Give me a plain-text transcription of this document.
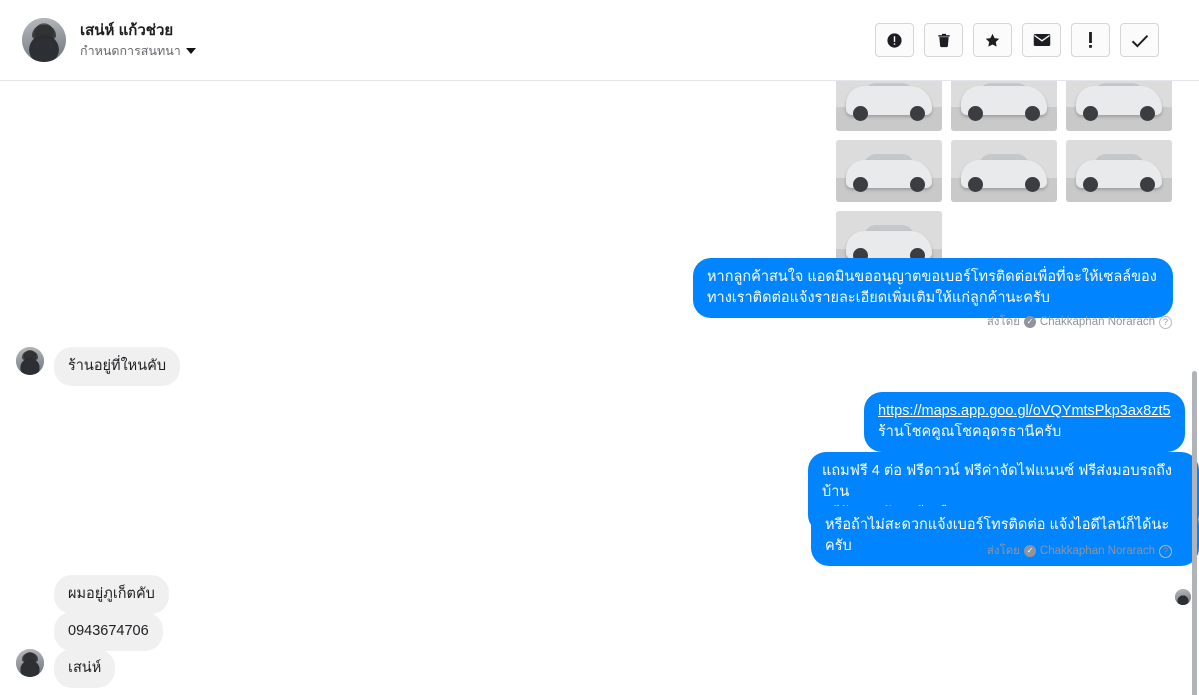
เสน่ห์ แก้วช่วย
กำหนดการสนทนา
หากลูกค้าสนใจ แอดมินขออนุญาตขอเบอร์โทรติดต่อเพื่อที่จะให้เซลล์ของทางเราติดต่อแจ้งรายละเอียดเพิ่มเติมให้แก่ลูกค้านะครับ
ส่งโดย ✓ Chakkaphan Norarach ?
ร้านอยู่ที่ใหนคับ
https://maps.app.goo.gl/oVQYmtsPkp3ax8zt5
ร้านโชคคูณโชคอุดรธานีครับ
แถมฟรี 4 ต่อ ฟรีดาวน์ ฟรีค่าจัดไฟแนนซ์ ฟรีส่งมอบรถถึงบ้าน
หรือถ้าไม่สะดวกแจ้งเบอร์โทรติดต่อ แจ้งไอดีไลน์ก็ได้นะครับ	ส่งโดย ✓ Chakkaphan Norarach ?
ผมอยู่ภูเก็ตคับ
0943674706
เสน่ห์
